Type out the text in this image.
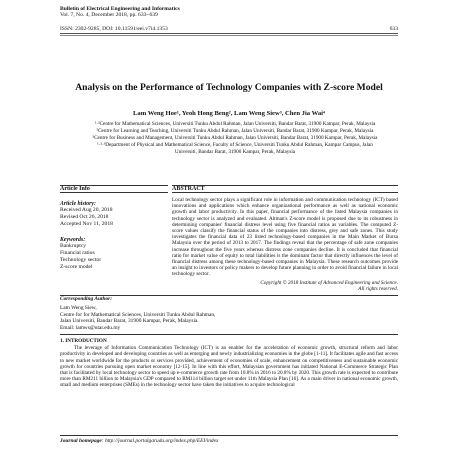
Bulletin of Electrical Engineering and Informatics
Vol. 7, No. 4, December 2018, pp. 633~639
ISSN: 2302-9285, DOI: 10.11591/eei.v7i4.1353	633
Analysis on the Performance of Technology Companies with Z-score Model
Lam Weng Hoe¹, Yeoh Hong Beng², Lam Weng Siew³, Chen Jia Wai⁴

¹·³Centre for Mathematical Sciences, Universiti Tunku Abdul Rahman, Jalan Universiti, Bandar Barat, 31900 Kampar, Perak, Malaysia

²Centre for Learning and Teaching, Universiti Tunku Abdul Rahman, Jalan Universiti, Bandar Barat, 31900 Kampar, Perak, Malaysia

³Centre for Business and Management, Universiti Tunku Abdul Rahman, Jalan Universiti, Bandar Barat, 31900 Kampar, Perak, Malaysia

¹·²·³Department of Physical and Mathematical Science, Faculty of Science, Universiti Tunku Abdul Rahman, Kampar Campus, Jalan Universiti, Bandar Barat, 31900 Kampar, Perak, Malaysia

Article Info
Article history:
Received Aug 20, 2018
Revised Oct 26, 2018
Accepted Nov 11, 2018
Keywords:
Bankruptcy
Financial ratios
Technology sector
Z-score model
ABSTRACT
Local technology sector plays a significant role in information and communication technology (ICT) based innovations and applications which enhance organizational performance as well as national economic growth and labor productivity. In this paper, financial performance of the listed Malaysia companies in technology sector is analyzed and evaluated. Altman's Z-score model is proposed due to its robustness in determining companies' financial distress level using five financial ratios as variables. The computed Z-score values classify the financial status of the companies into distress, grey and safe zones. This study investigates the financial data of 23 listed technology-based companies in the Main Market of Bursa Malaysia over the period of 2013 to 2017. The findings reveal that the percentage of safe zone companies increase throughout the five years whereas distress zone companies decline. It is concluded that financial ratio for market value of equity to total liabilities is the dominant factor that directly influences the level of financial distress among these technology-based companies in Malaysia. These research outcomes provide an insight to investors or policy makers to develop future planning in order to avoid financial failure in local technology sector.
Copyright © 2018 Institute of Advanced Engineering and Science.
All rights reserved.
Corresponding Author:
Lam Weng Siew,
Centre for for Mathematical Sciences, Universiti Tunku Abdul Rahman,
Jalan Universiti, Bandar Barat, 31900 Kampar, Perak, Malaysia.
Email: lamws@utar.edu.my
1. INTRODUCTION

The leverage of Information Communication Technology (ICT) is an enabler for the acceleration of economic growth, structural reform and labor productivity in developed and developing countries as well as emerging and newly industrializing economies in the globe [1-11]. It facilitates agile and fast access to new market worldwide for the products or services provided, achievement of economies of scale, enhancement on competitiveness and sustainable economic growth for countries pursuing open market economy [12-15]. In line with this effort, Malaysian government has initiated National E-Commerce Strategic Plan that is facilitated by local technology sector to speed up e-commerce growth rate from 10.8% in 2016 to 20.8% by 2020. This growth rate is expected to contribute more than RM211 billion to Malaysia's GDP compared to RM114 billion target set under 11th Malaysia Plan [16]. As a main driver in national economic growth, small and medium enterprises (SMEs) in the technology sector have taken the initiatives to acquire technological

Journal homepage: http://journal.portalgaruda.org/index.php/EEI/index
